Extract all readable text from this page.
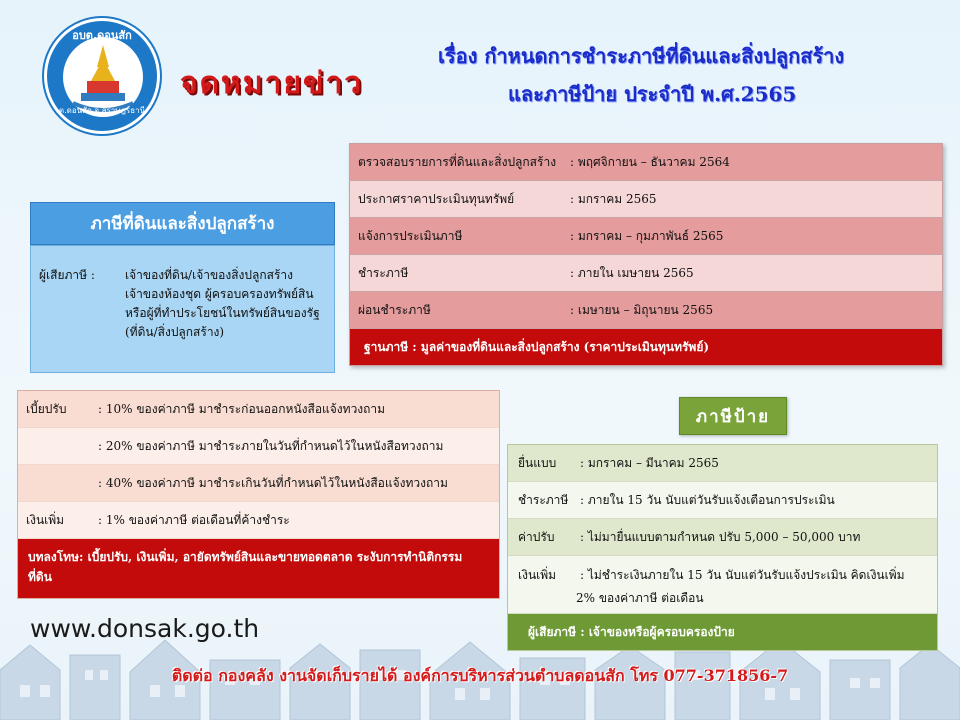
อบต.ดอนสัก
ต.ดอนสัก จ.สุราษฎร์ธานี
จดหมายข่าว
เรื่อง กำหนดการชำระภาษีที่ดินและสิ่งปลูกสร้าง
และภาษีป้าย ประจำปี พ.ศ.2565
ตรวจสอบรายการที่ดินและสิ่งปลูกสร้าง	: พฤศจิกายน – ธันวาคม 2564
ประกาศราคาประเมินทุนทรัพย์	: มกราคม 2565
แจ้งการประเมินภาษี	: มกราคม – กุมภาพันธ์ 2565
ชำระภาษี	: ภายใน เมษายน 2565
ผ่อนชำระภาษี	: เมษายน – มิถุนายน 2565
ฐานภาษี : มูลค่าของที่ดินและสิ่งปลูกสร้าง (ราคาประเมินทุนทรัพย์)
ภาษีที่ดินและสิ่งปลูกสร้าง
ผู้เสียภาษี :	เจ้าของที่ดิน/เจ้าของสิ่งปลูกสร้าง
เจ้าของห้องชุด ผู้ครอบครองทรัพย์สิน
หรือผู้ที่ทำประโยชน์ในทรัพย์สินของรัฐ
(ที่ดิน/สิ่งปลูกสร้าง)
เบี้ยปรับ	: 10% ของค่าภาษี มาชำระก่อนออกหนังสือแจ้งทวงถาม
: 20% ของค่าภาษี มาชำระภายในวันที่กำหนดไว้ในหนังสือทวงถาม
: 40% ของค่าภาษี มาชำระเกินวันที่กำหนดไว้ในหนังสือแจ้งทวงถาม
เงินเพิ่ม	: 1% ของค่าภาษี ต่อเดือนที่ค้างชำระ
บทลงโทษ: เบี้ยปรับ, เงินเพิ่ม, อายัดทรัพย์สินและขายทอดตลาด ระงับการทำนิติกรรม
ที่ดิน
www.donsak.go.th
ภาษีป้าย
ยื่นแบบ	: มกราคม – มีนาคม 2565
ชำระภาษี : ภายใน 15 วัน นับแต่วันรับแจ้งเตือนการประเมิน
ค่าปรับ	: ไม่มายื่นแบบตามกำหนด ปรับ 5,000 – 50,000 บาท
เงินเพิ่ม	: ไม่ชำระเงินภายใน 15 วัน นับแต่วันรับแจ้งประเมิน คิดเงินเพิ่ม
2% ของค่าภาษี ต่อเดือน
ผู้เสียภาษี : เจ้าของหรือผู้ครอบครองป้าย
ติดต่อ กองคลัง งานจัดเก็บรายได้ องค์การบริหารส่วนตำบลดอนสัก โทร 077-371856-7
